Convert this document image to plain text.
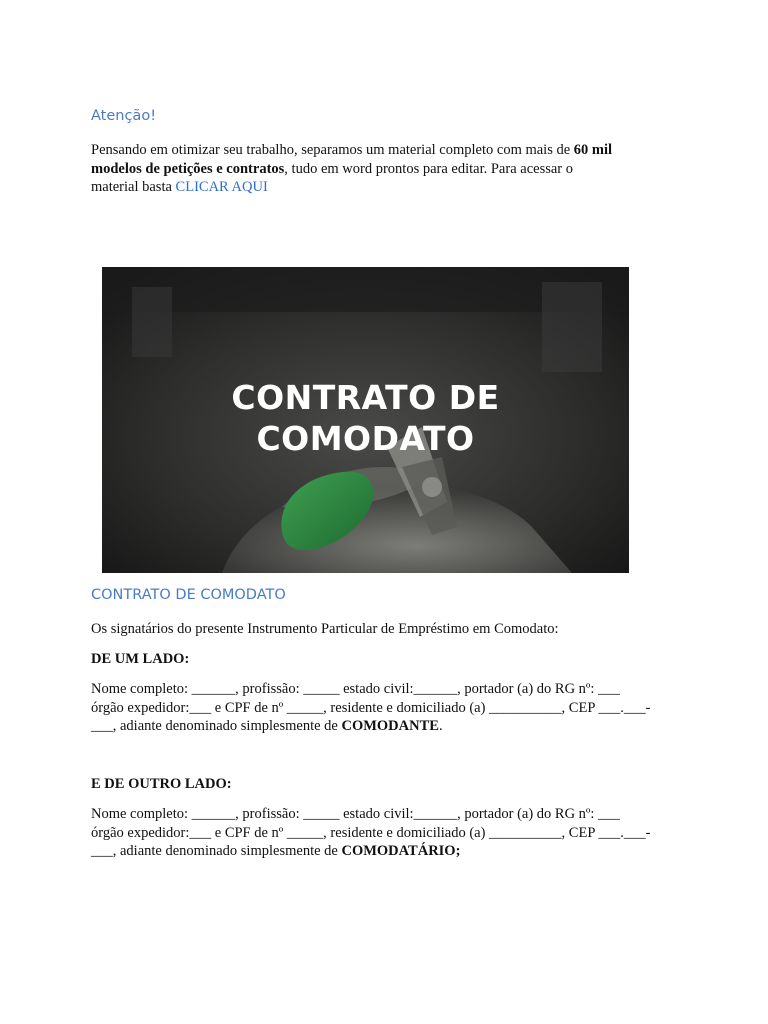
Atenção!
Pensando em otimizar seu trabalho, separamos um material completo com mais de 60 mil
modelos de petições e contratos, tudo em word prontos para editar. Para acessar o
material basta CLICAR AQUI
CONTRATO DE
COMODATO
CONTRATO DE COMODATO
Os signatários do presente Instrumento Particular de Empréstimo em Comodato:
DE UM LADO:
Nome completo: ______, profissão: _____ estado civil:______, portador (a) do RG nº: ___
órgão expedidor:___ e CPF de nº _____, residente e domiciliado (a) __________, CEP ___.___-
___, adiante denominado simplesmente de COMODANTE.
E DE OUTRO LADO:
Nome completo: ______, profissão: _____ estado civil:______, portador (a) do RG nº: ___
órgão expedidor:___ e CPF de nº _____, residente e domiciliado (a) __________, CEP ___.___-
___, adiante denominado simplesmente de COMODATÁRIO;
